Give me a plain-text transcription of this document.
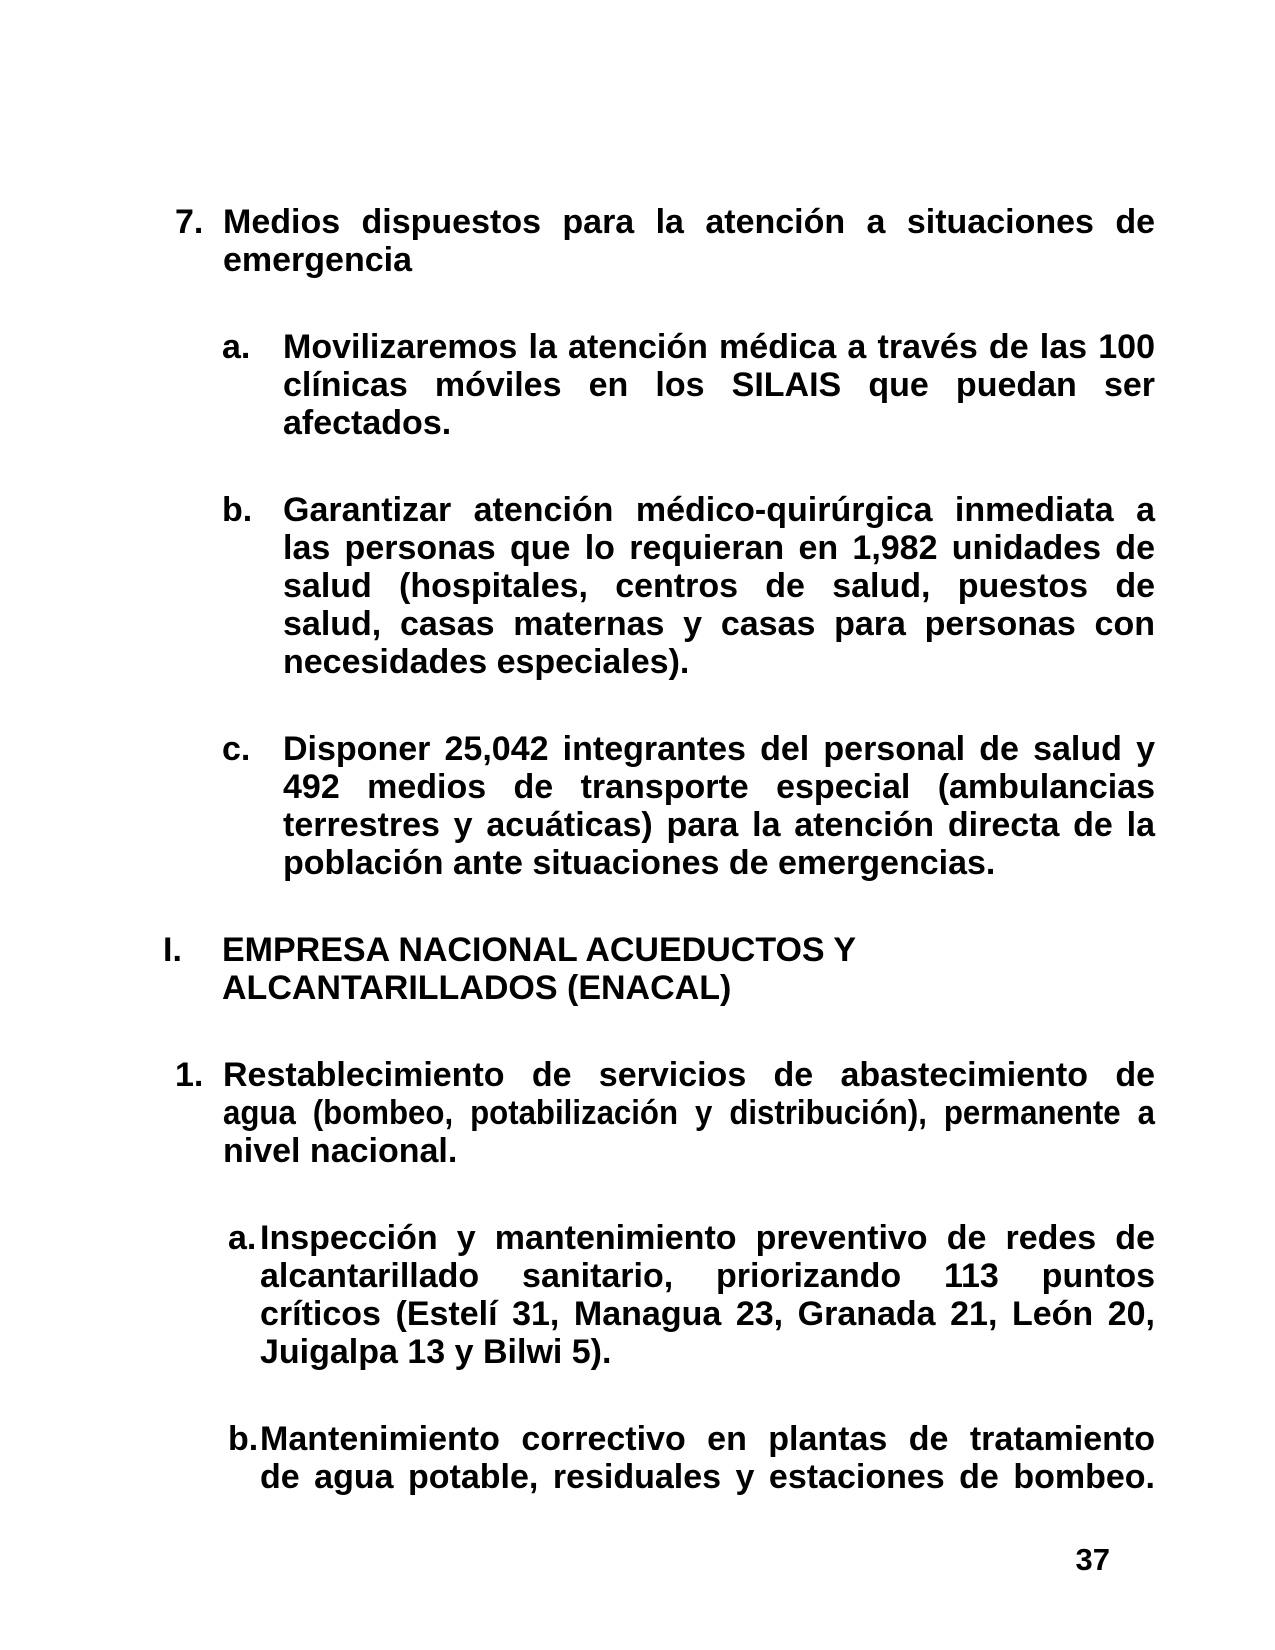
7. Medios dispuestos para la atención a situaciones de
emergencia
a. Movilizaremos la atención médica a través de las 100
clínicas móviles en los SILAIS que puedan ser
afectados.
b. Garantizar atención médico-quirúrgica inmediata a
las personas que lo requieran en 1,982 unidades de
salud (hospitales, centros de salud, puestos de
salud, casas maternas y casas para personas con
necesidades especiales).
c. Disponer 25,042 integrantes del personal de salud y
492 medios de transporte especial (ambulancias
terrestres y acuáticas) para la atención directa de la
población ante situaciones de emergencias.
I.	EMPRESA NACIONAL ACUEDUCTOS Y
ALCANTARILLADOS (ENACAL)
1. Restablecimiento de servicios de abastecimiento de
agua (bombeo, potabilización y distribución), permanente a
nivel nacional.
a. Inspección y mantenimiento preventivo de redes de
alcantarillado sanitario, priorizando 113 puntos
críticos (Estelí 31, Managua 23, Granada 21, León 20,
Juigalpa 13 y Bilwi 5).
b. Mantenimiento correctivo en plantas de tratamiento
de agua potable, residuales y estaciones de bombeo.
37
